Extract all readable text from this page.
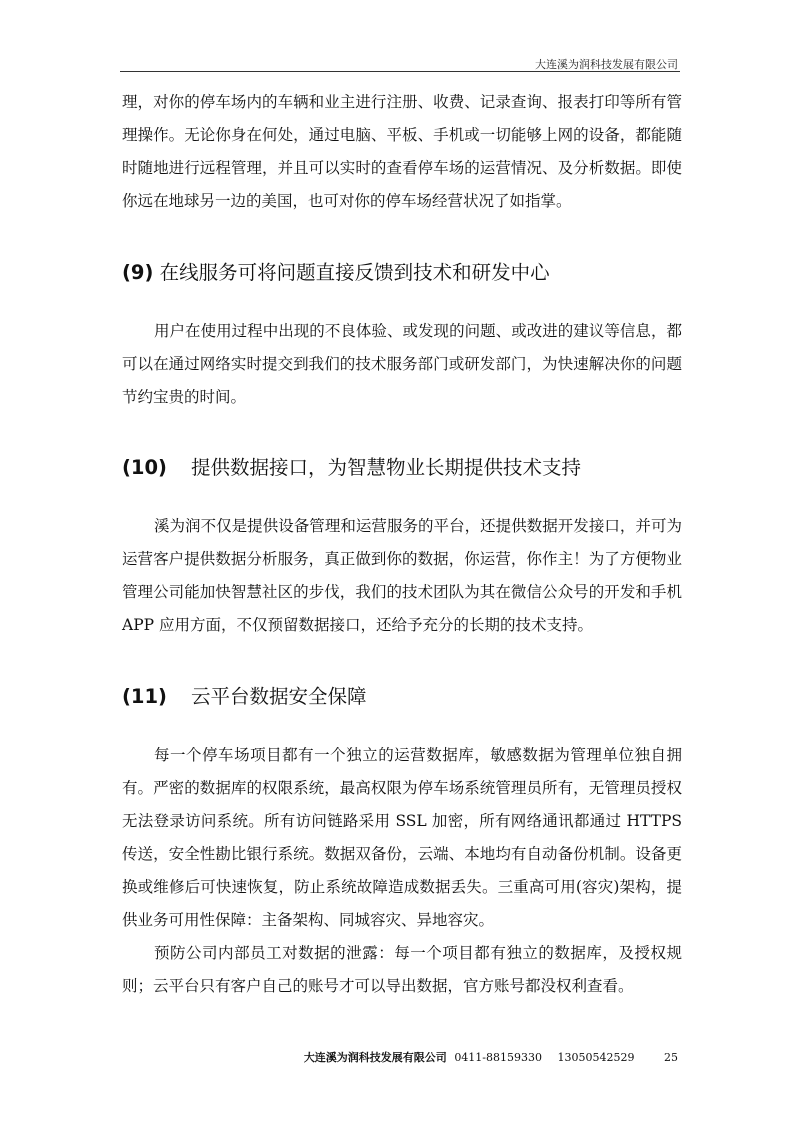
大连溪为润科技发展有限公司

理，对你的停车场内的车辆和业主进行注册、收费、记录查询、报表打印等所有管理操作。无论你身在何处，通过电脑、平板、手机或一切能够上网的设备，都能随时随地进行远程管理，并且可以实时的查看停车场的运营情况、及分析数据。即使你远在地球另一边的美国，也可对你的停车场经营状况了如指掌。

(9) 在线服务可将问题直接反馈到技术和研发中心

用户在使用过程中出现的不良体验、或发现的问题、或改进的建议等信息，都可以在通过网络实时提交到我们的技术服务部门或研发部门，为快速解决你的问题节约宝贵的时间。

(10) 提供数据接口，为智慧物业长期提供技术支持

溪为润不仅是提供设备管理和运营服务的平台，还提供数据开发接口，并可为运营客户提供数据分析服务，真正做到你的数据，你运营，你作主！为了方便物业管理公司能加快智慧社区的步伐，我们的技术团队为其在微信公众号的开发和手机 APP 应用方面，不仅预留数据接口，还给予充分的长期的技术支持。

(11) 云平台数据安全保障

每一个停车场项目都有一个独立的运营数据库，敏感数据为管理单位独自拥有。严密的数据库的权限系统，最高权限为停车场系统管理员所有，无管理员授权无法登录访问系统。所有访问链路采用 SSL 加密，所有网络通讯都通过 HTTPS 传送，安全性勘比银行系统。数据双备份，云端、本地均有自动备份机制。设备更换或维修后可快速恢复，防止系统故障造成数据丢失。三重高可用(容灾)架构，提供业务可用性保障：主备架构、同城容灾、异地容灾。

预防公司内部员工对数据的泄露：每一个项目都有独立的数据库，及授权规则；云平台只有客户自己的账号才可以导出数据，官方账号都没权利查看。

大连溪为润科技发展有限公司 0411-88159330 13050542529	25
